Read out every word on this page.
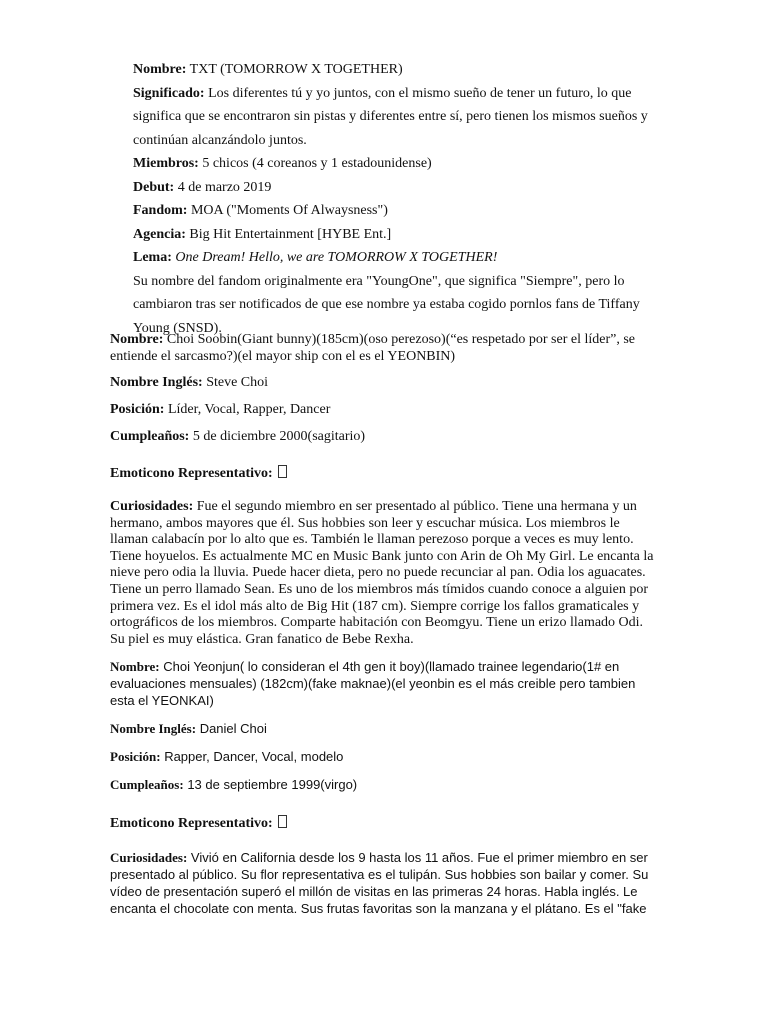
Nombre: TXT (TOMORROW X TOGETHER)

Significado: Los diferentes tú y yo juntos, con el mismo sueño de tener un futuro, lo que significa que se encontraron sin pistas y diferentes entre sí, pero tienen los mismos sueños y continúan alcanzándolo juntos.

Miembros: 5 chicos (4 coreanos y 1 estadounidense)

Debut: 4 de marzo 2019

Fandom: MOA ("Moments Of Alwaysness")

Agencia: Big Hit Entertainment [HYBE Ent.]

Lema: One Dream! Hello, we are TOMORROW X TOGETHER!

Su nombre del fandom originalmente era "YoungOne", que significa "Siempre", pero lo cambiaron tras ser notificados de que ese nombre ya estaba cogido pornlos fans de Tiffany Young (SNSD).

Nombre: Choi Soobin(Giant bunny)(185cm)(oso perezoso)(“es respetado por ser el líder”, se entiende el sarcasmo?)(el mayor ship con el es el YEONBIN)

Nombre Inglés: Steve Choi

Posición: Líder, Vocal, Rapper, Dancer

Cumpleaños: 5 de diciembre 2000(sagitario)

Emoticono Representativo:

Curiosidades: Fue el segundo miembro en ser presentado al público. Tiene una hermana y un hermano, ambos mayores que él. Sus hobbies son leer y escuchar música. Los miembros le llaman calabacín por lo alto que es. También le llaman perezoso porque a veces es muy lento. Tiene hoyuelos. Es actualmente MC en Music Bank junto con Arin de Oh My Girl. Le encanta la nieve pero odia la lluvia. Puede hacer dieta, pero no puede recunciar al pan. Odia los aguacates. Tiene un perro llamado Sean. Es uno de los miembros más tímidos cuando conoce a alguien por primera vez. Es el idol más alto de Big Hit (187 cm). Siempre corrige los fallos gramaticales y ortográficos de los miembros. Comparte habitación con Beomgyu. Tiene un erizo llamado Odi. Su piel es muy elástica. Gran fanatico de Bebe Rexha.

Nombre: Choi Yeonjun( lo consideran el 4th gen it boy)(llamado trainee legendario(1# en evaluaciones mensuales) (182cm)(fake maknae)(el yeonbin es el más creible pero tambien esta el YEONKAI)

Nombre Inglés: Daniel Choi

Posición: Rapper, Dancer, Vocal, modelo

Cumpleaños: 13 de septiembre 1999(virgo)

Emoticono Representativo:

Curiosidades: Vivió en California desde los 9 hasta los 11 años. Fue el primer miembro en ser presentado al público. Su flor representativa es el tulipán. Sus hobbies son bailar y comer. Su vídeo de presentación superó el millón de visitas en las primeras 24 horas. Habla inglés. Le encanta el chocolate con menta. Sus frutas favoritas son la manzana y el plátano. Es el "fake
